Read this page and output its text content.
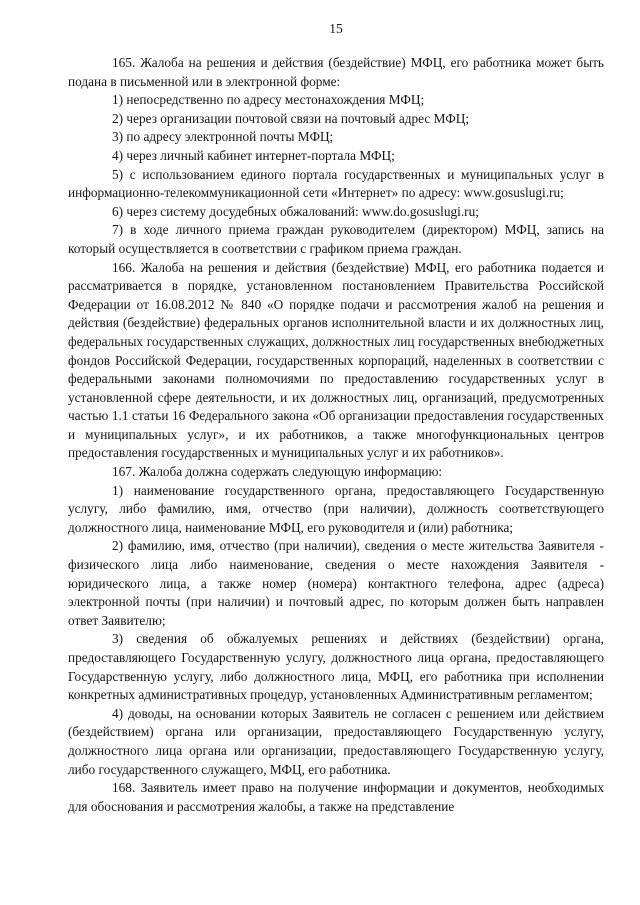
15

165. Жалоба на решения и действия (бездействие) МФЦ, его работника может быть подана в письменной или в электронной форме:

1) непосредственно по адресу местонахождения МФЦ;

2) через организации почтовой связи на почтовый адрес МФЦ;

3) по адресу электронной почты МФЦ;

4) через личный кабинет интернет-портала МФЦ;

5) с использованием единого портала государственных и муниципальных услуг в информационно-телекоммуникационной сети «Интернет» по адресу: www.gosuslugi.ru;

6) через систему досудебных обжалований: www.do.gosuslugi.ru;

7) в ходе личного приема граждан руководителем (директором) МФЦ, запись на который осуществляется в соответствии с графиком приема граждан.

166. Жалоба на решения и действия (бездействие) МФЦ, его работника подается и рассматривается в порядке, установленном постановлением Правительства Российской Федерации от 16.08.2012 № 840 «О порядке подачи и рассмотрения жалоб на решения и действия (бездействие) федеральных органов исполнительной власти и их должностных лиц, федеральных государственных служащих, должностных лиц государственных внебюджетных фондов Российской Федерации, государственных корпораций, наделенных в соответствии с федеральными законами полномочиями по предоставлению государственных услуг в установленной сфере деятельности, и их должностных лиц, организаций, предусмотренных частью 1.1 статьи 16 Федерального закона «Об организации предоставления государственных и муниципальных услуг», и их работников, а также многофункциональных центров предоставления государственных и муниципальных услуг и их работников».

167. Жалоба должна содержать следующую информацию:

1) наименование государственного органа, предоставляющего Государственную услугу, либо фамилию, имя, отчество (при наличии), должность соответствующего должностного лица, наименование МФЦ, его руководителя и (или) работника;

2) фамилию, имя, отчество (при наличии), сведения о месте жительства Заявителя - физического лица либо наименование, сведения о месте нахождения Заявителя - юридического лица, а также номер (номера) контактного телефона, адрес (адреса) электронной почты (при наличии) и почтовый адрес, по которым должен быть направлен ответ Заявителю;

3) сведения об обжалуемых решениях и действиях (бездействии) органа, предоставляющего Государственную услугу, должностного лица органа, предоставляющего Государственную услугу, либо должностного лица, МФЦ, его работника при исполнении конкретных административных процедур, установленных Административным регламентом;

4) доводы, на основании которых Заявитель не согласен с решением или действием (бездействием) органа или организации, предоставляющего Государственную услугу, должностного лица органа или организации, предоставляющего Государственную услугу, либо государственного служащего, МФЦ, его работника.

168. Заявитель имеет право на получение информации и документов, необходимых для обоснования и рассмотрения жалобы, а также на представление
